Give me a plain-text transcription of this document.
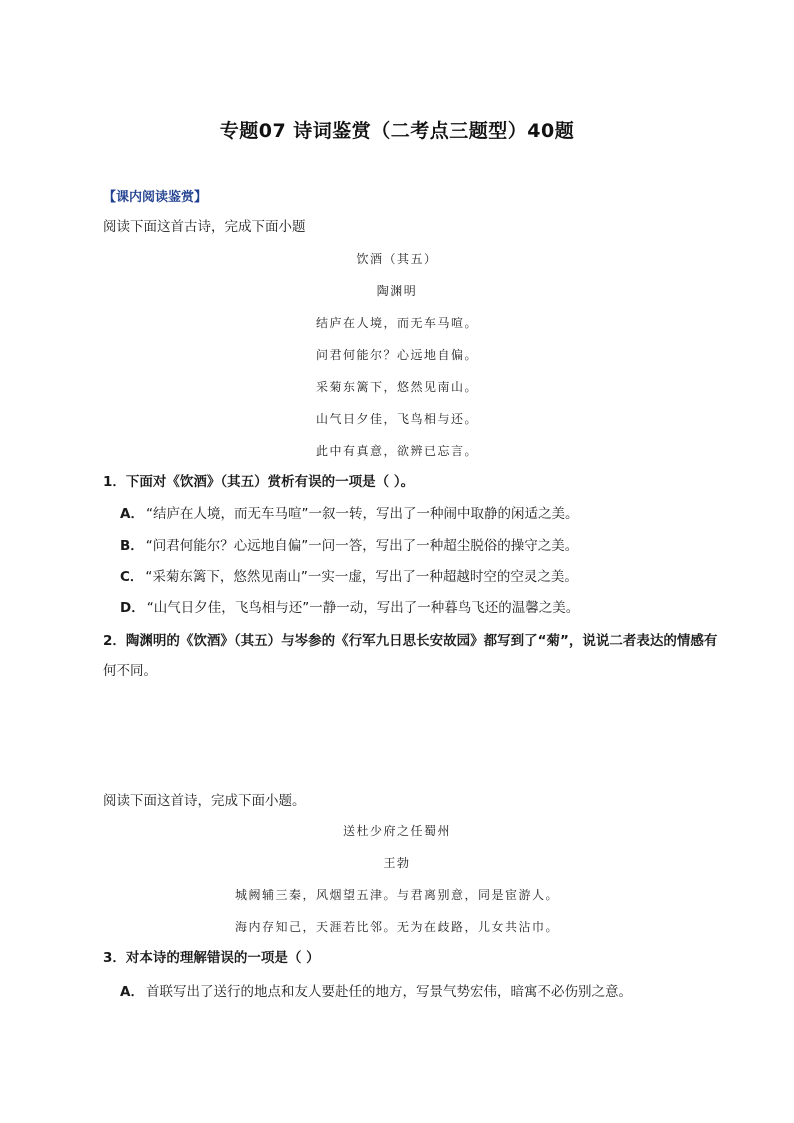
专题07 诗词鉴赏（二考点三题型）40题
【课内阅读鉴赏】
阅读下面这首古诗，完成下面小题
饮酒（其五）
陶渊明
结庐在人境，而无车马喧。
问君何能尔？心远地自偏。
采菊东篱下，悠然见南山。
山气日夕佳，飞鸟相与还。
此中有真意，欲辨已忘言。
1．下面对《饮酒》（其五）赏析有误的一项是（ ）。
A． “结庐在人境，而无车马喧”一叙一转，写出了一种闹中取静的闲适之美。
B． “问君何能尔？心远地自偏”一问一答，写出了一种超尘脱俗的操守之美。
C． “采菊东篱下，悠然见南山”一实一虚，写出了一种超越时空的空灵之美。
D． “山气日夕佳，飞鸟相与还”一静一动，写出了一种暮鸟飞还的温馨之美。
2．陶渊明的《饮酒》（其五）与岑参的《行军九日思长安故园》都写到了“菊”，说说二者表达的情感有
何不同。
阅读下面这首诗，完成下面小题。
送杜少府之任蜀州
王勃
城阙辅三秦，风烟望五津。与君离别意，同是宦游人。
海内存知己，天涯若比邻。无为在歧路，儿女共沾巾。
3．对本诗的理解错误的一项是（ ）
A． 首联写出了送行的地点和友人要赴任的地方，写景气势宏伟，暗寓不必伤别之意。
